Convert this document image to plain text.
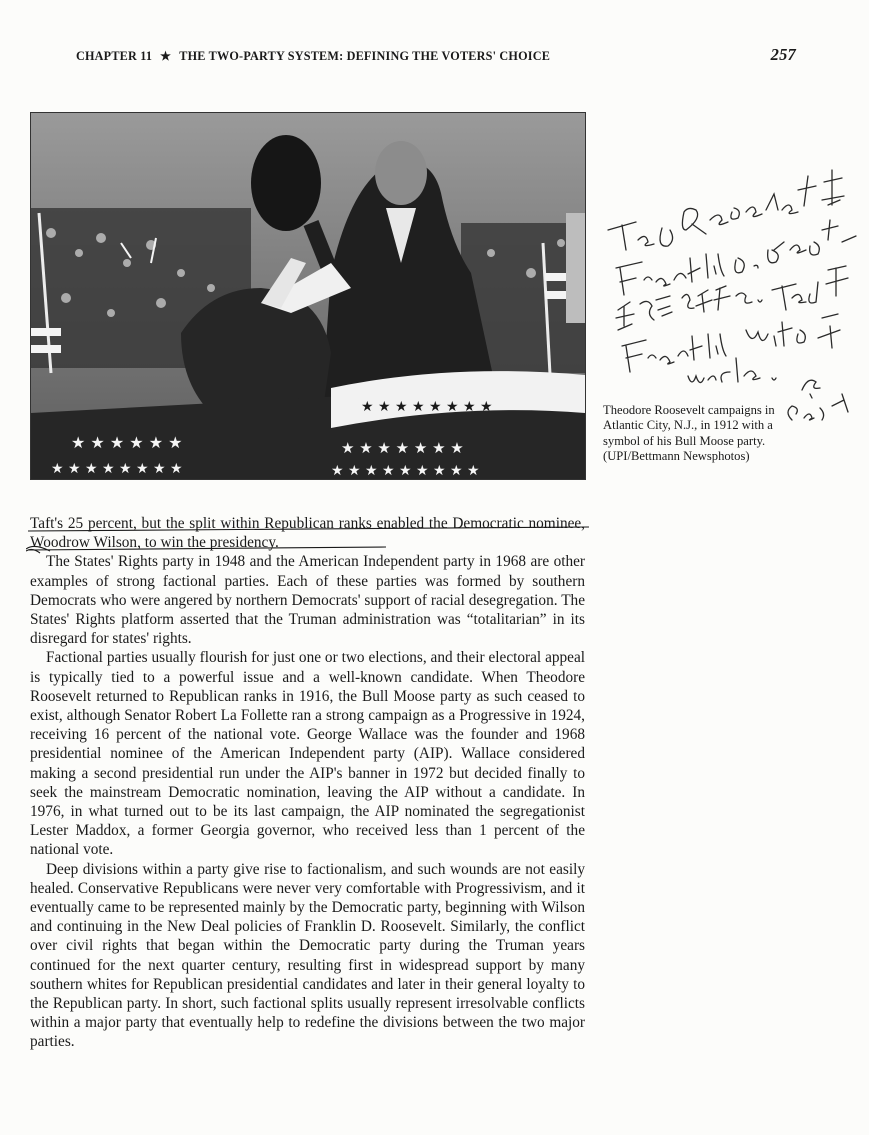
CHAPTER 11 ★ THE TWO-PARTY SYSTEM: DEFINING THE VOTERS' CHOICE	257
★ ★ ★ ★ ★ ★
★ ★ ★ ★ ★ ★ ★ ★
★ ★ ★ ★ ★ ★ ★
★ ★ ★ ★ ★ ★ ★ ★ ★
★ ★ ★ ★ ★ ★ ★ ★	Theodore Roosevelt campaigns in Atlantic City, N.J., in 1912 with a symbol of his Bull Moose party. (UPI/Bettmann Newsphotos)

Taft's 25 percent, but the split within Republican ranks enabled the Democratic nominee, Woodrow Wilson, to win the presidency.

The States' Rights party in 1948 and the American Independent party in 1968 are other examples of strong factional parties. Each of these parties was formed by southern Democrats who were angered by northern Democrats' support of racial desegregation. The States' Rights platform asserted that the Truman administration was “totalitarian” in its disregard for states' rights.

Factional parties usually flourish for just one or two elections, and their electoral appeal is typically tied to a powerful issue and a well-known candidate. When Theodore Roosevelt returned to Republican ranks in 1916, the Bull Moose party as such ceased to exist, although Senator Robert La Follette ran a strong campaign as a Progressive in 1924, receiving 16 percent of the national vote. George Wallace was the founder and 1968 presidential nominee of the American Independent party (AIP). Wallace considered making a second presidential run under the AIP's banner in 1972 but decided finally to seek the mainstream Democratic nomination, leaving the AIP without a candidate. In 1976, in what turned out to be its last campaign, the AIP nominated the segregationist Lester Maddox, a former Georgia governor, who received less than 1 percent of the national vote.

Deep divisions within a party give rise to factionalism, and such wounds are not easily healed. Conservative Republicans were never very comfortable with Progressivism, and it eventually came to be represented mainly by the Democratic party, beginning with Wilson and continuing in the New Deal policies of Franklin D. Roosevelt. Similarly, the conflict over civil rights that began within the Democratic party during the Truman years continued for the next quarter century, resulting first in widespread support by many southern whites for Republican presidential candidates and later in their general loyalty to the Republican party. In short, such factional splits usually represent irresolvable conflicts within a major party that eventually help to redefine the divisions between the two major parties.
